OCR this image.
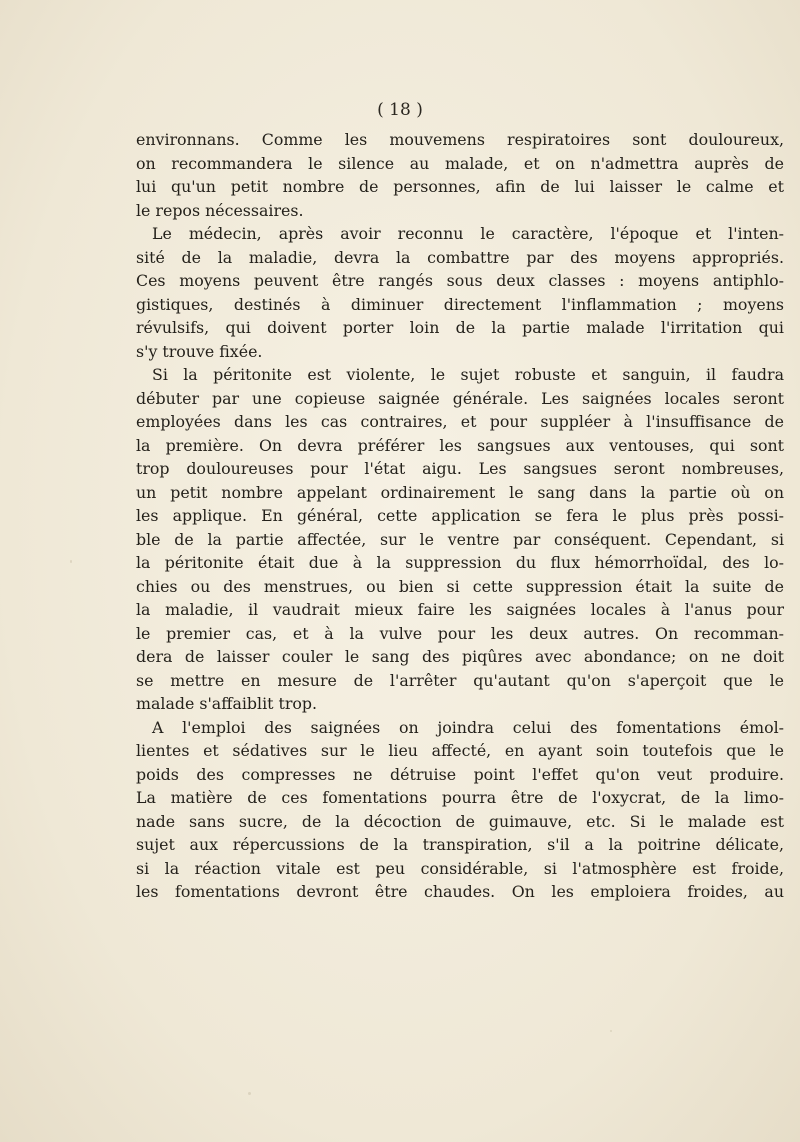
( 18 )
environnans. Comme les mouvemens respiratoires sont douloureux,
on recommandera le silence au malade, et on n'admettra auprès de
lui qu'un petit nombre de personnes, afin de lui laisser le calme et
le repos nécessaires.
Le médecin, après avoir reconnu le caractère, l'époque et l'inten-
sité de la maladie, devra la combattre par des moyens appropriés.
Ces moyens peuvent être rangés sous deux classes : moyens antiphlo-
gistiques, destinés à diminuer directement l'inflammation ; moyens
révulsifs, qui doivent porter loin de la partie malade l'irritation qui
s'y trouve fixée.
Si la péritonite est violente, le sujet robuste et sanguin, il faudra
débuter par une copieuse saignée générale. Les saignées locales seront
employées dans les cas contraires, et pour suppléer à l'insuffisance de
la première. On devra préférer les sangsues aux ventouses, qui sont
trop douloureuses pour l'état aigu. Les sangsues seront nombreuses,
un petit nombre appelant ordinairement le sang dans la partie où on
les applique. En général, cette application se fera le plus près possi-
ble de la partie affectée, sur le ventre par conséquent. Cependant, si
la péritonite était due à la suppression du flux hémorrhoïdal, des lo-
chies ou des menstrues, ou bien si cette suppression était la suite de
la maladie, il vaudrait mieux faire les saignées locales à l'anus pour
le premier cas, et à la vulve pour les deux autres. On recomman-
dera de laisser couler le sang des piqûres avec abondance; on ne doit
se mettre en mesure de l'arrêter qu'autant qu'on s'aperçoit que le
malade s'affaiblit trop.
A l'emploi des saignées on joindra celui des fomentations émol-
lientes et sédatives sur le lieu affecté, en ayant soin toutefois que le
poids des compresses ne détruise point l'effet qu'on veut produire.
La matière de ces fomentations pourra être de l'oxycrat, de la limo-
nade sans sucre, de la décoction de guimauve, etc. Si le malade est
sujet aux répercussions de la transpiration, s'il a la poitrine délicate,
si la réaction vitale est peu considérable, si l'atmosphère est froide,
les fomentations devront être chaudes. On les emploiera froides, au
